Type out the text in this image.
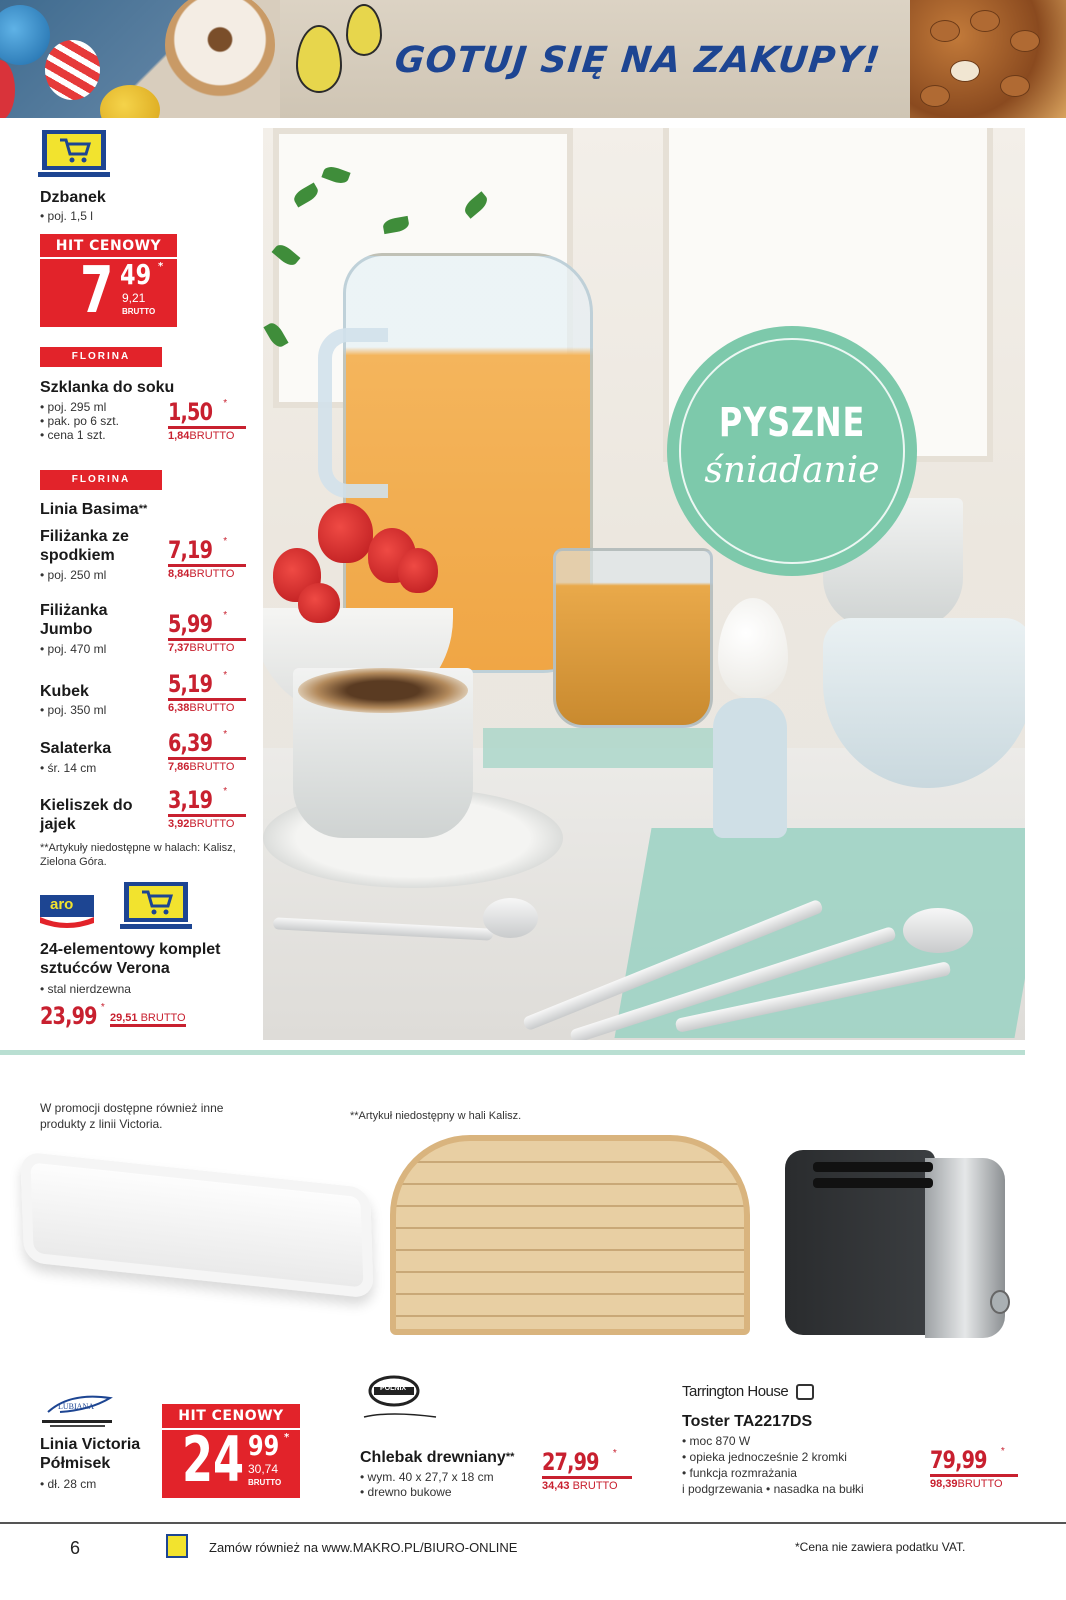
GOTUJ SIĘ NA ZAKUPY!
Dzbanek
• poj. 1,5 l
HIT CENOWY
7 49 *
9,21
BRUTTO
FLORINA
Szklanka do soku
• poj. 295 ml
• pak. po 6 szt.
• cena 1 szt.
1,50 *
1,84BRUTTO
FLORINA
Linia Basima**
Filiżanka ze spodkiem
• poj. 250 ml
7,19 *
8,84BRUTTO
Filiżanka Jumbo
• poj. 470 ml
5,99 *
7,37BRUTTO
Kubek
• poj. 350 ml
5,19 *
6,38BRUTTO
Salaterka
• śr. 14 cm
6,39 *
7,86BRUTTO
Kieliszek do jajek
3,19 *
3,92BRUTTO
**Artykuły niedostępne w halach: Kalisz, Zielona Góra.
aro
24-elementowy komplet sztućców Verona
• stal nierdzewna
23,99 *
29,51 BRUTTO
PYSZNE
śniadanie
W promocji dostępne również inne produkty z linii Victoria.
**Artykuł niedostępny w hali Kalisz.
LUBIANA
Linia Victoria Półmisek
• dł. 28 cm
HIT CENOWY
24 99 *
30,74
BRUTTO
POLNIX
Chlebak drewniany**
• wym. 40 x 27,7 x 18 cm
• drewno bukowe
27,99 *
34,43 BRUTTO
Tarrington House
Toster TA2217DS
• moc 870 W
• opieka jednocześnie 2 kromki
• funkcja rozmrażania
i podgrzewania • nasadka na bułki
79,99 *
98,39BRUTTO
6	Zamów również na www.MAKRO.PL/BIURO-ONLINE	*Cena nie zawiera podatku VAT.
